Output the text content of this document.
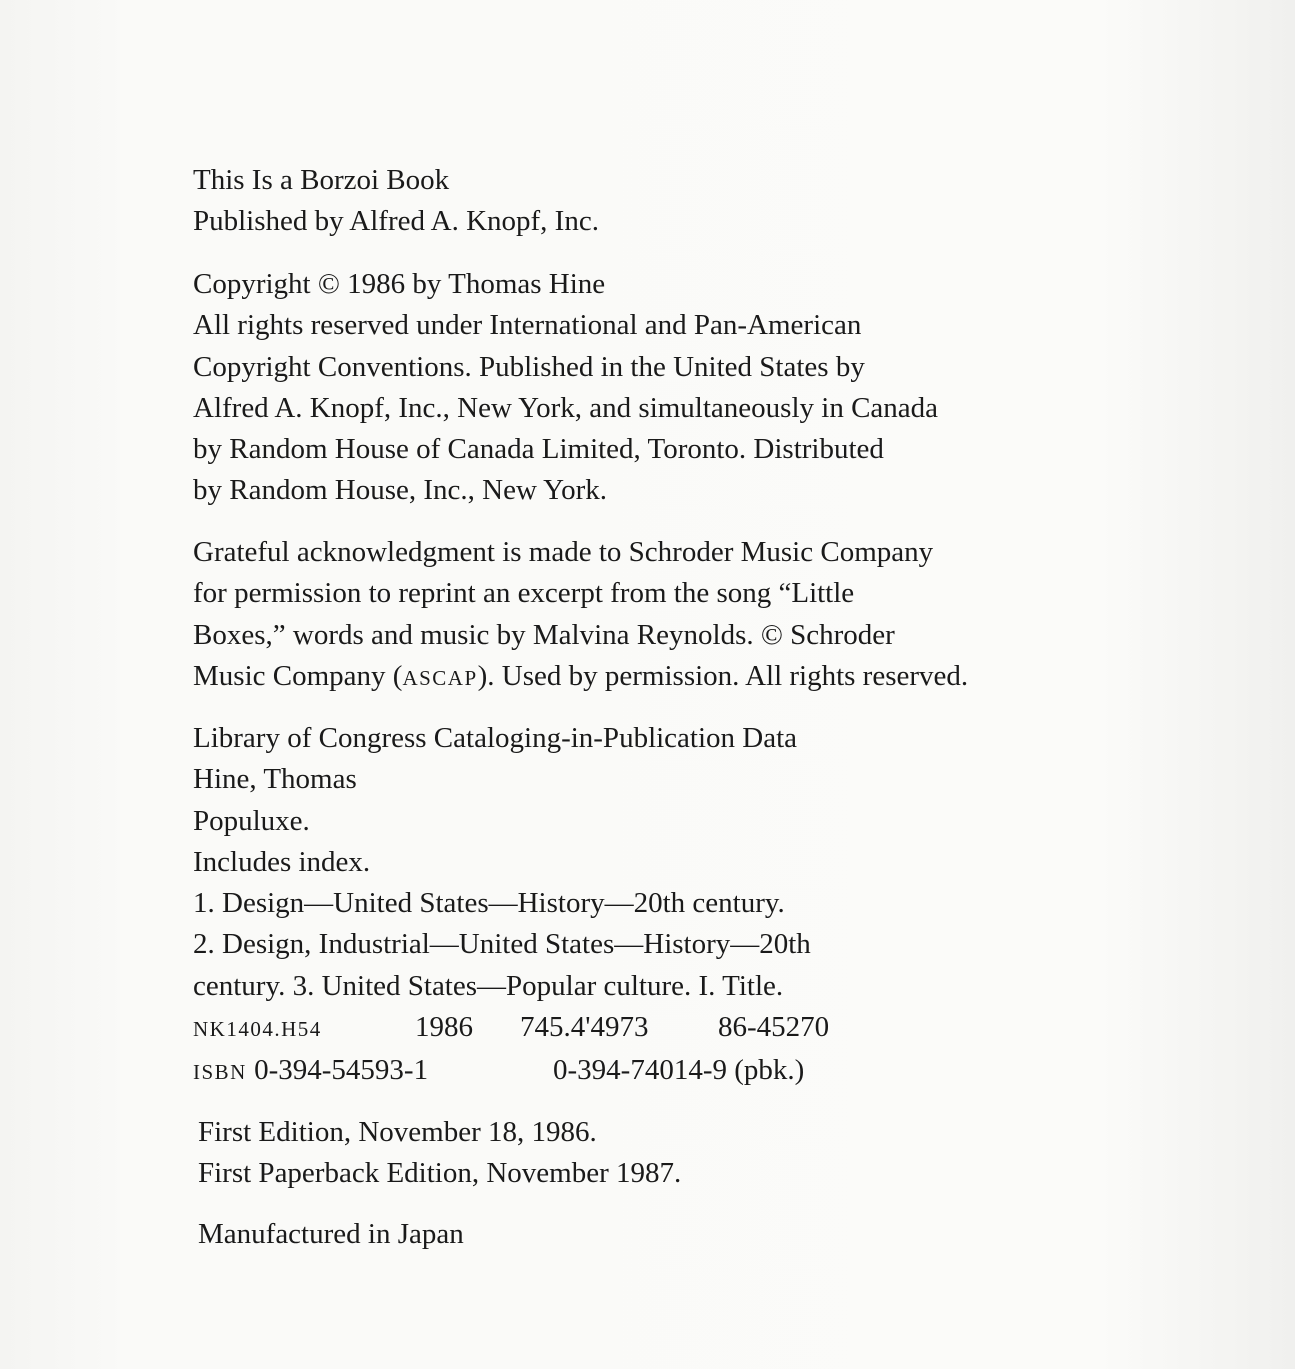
This Is a Borzoi Book
Published by Alfred A. Knopf, Inc.
Copyright © 1986 by Thomas Hine
All rights reserved under International and Pan-American
Copyright Conventions. Published in the United States by
Alfred A. Knopf, Inc., New York, and simultaneously in Canada
by Random House of Canada Limited, Toronto. Distributed
by Random House, Inc., New York.
Grateful acknowledgment is made to Schroder Music Company
for permission to reprint an excerpt from the song “Little
Boxes,” words and music by Malvina Reynolds. © Schroder
Music Company (ASCAP). Used by permission. All rights reserved.
Library of Congress Cataloging-in-Publication Data
Hine, Thomas
Populuxe.
Includes index.
1. Design—United States—History—20th century.
2. Design, Industrial—United States—History—20th
century. 3. United States—Popular culture. I. Title.
NK1404.H54	1986 745.4'4973 86-45270
ISBN 0-394-54593-1	0-394-74014-9 (pbk.)
First Edition, November 18, 1986.
First Paperback Edition, November 1987.
Manufactured in Japan
